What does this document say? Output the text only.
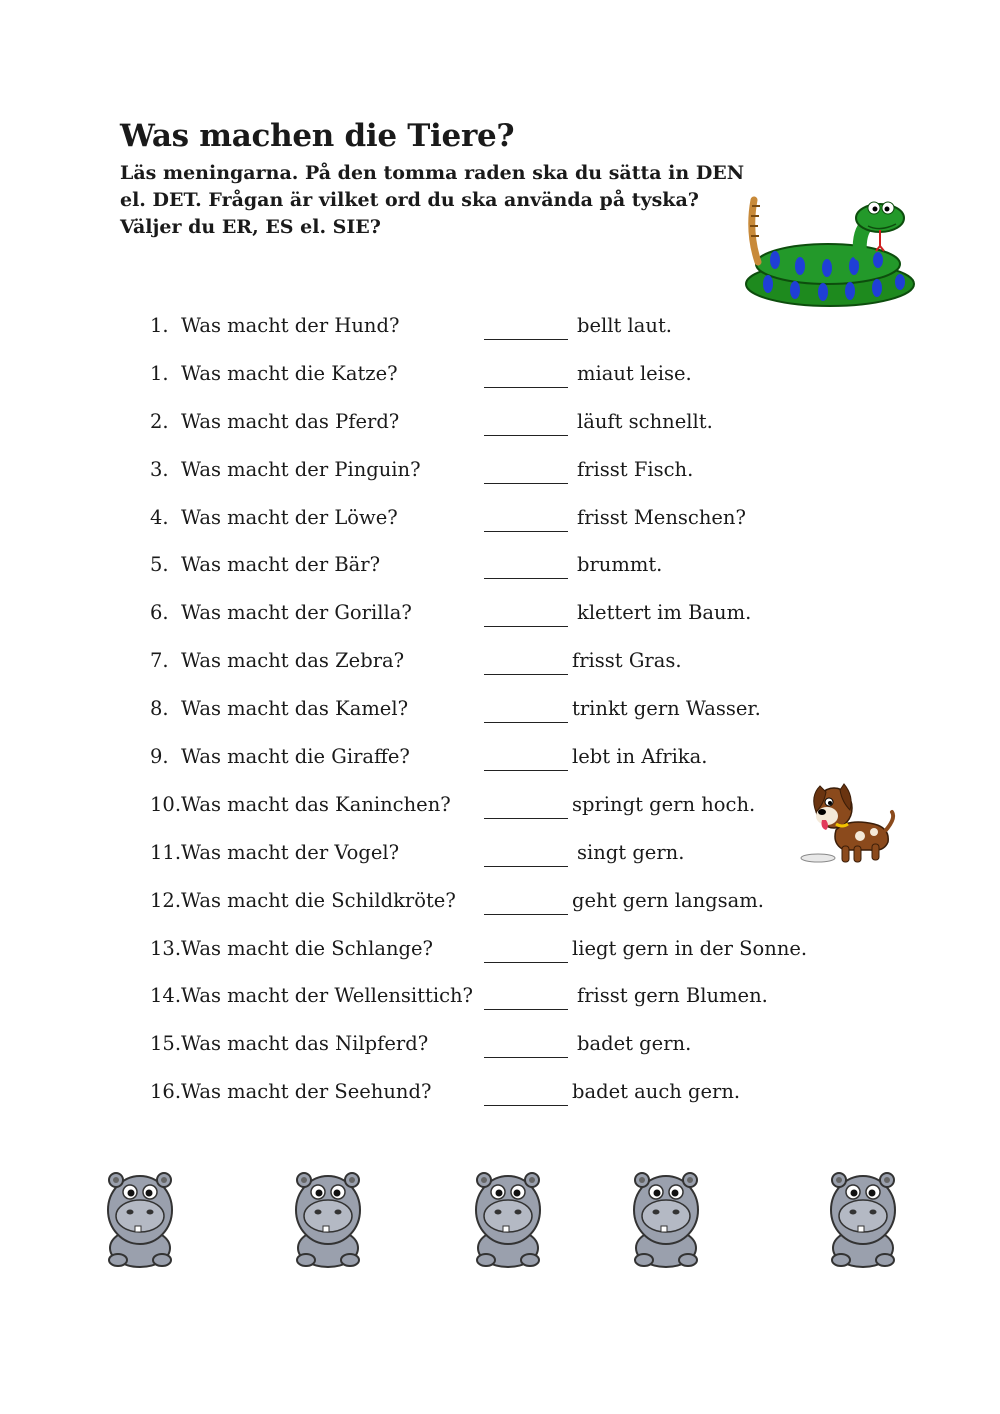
Was machen die Tiere?

Läs meningarna. På den tomma raden ska du sätta in DEN
el. DET. Frågan är vilket ord du ska använda på tyska?
Väljer du ER, ES el. SIE?

1. Was macht der Hund?	bellt laut.
1. Was macht die Katze?	miaut leise.
2. Was macht das Pferd?	läuft schnellt.
3. Was macht der Pinguin?	frisst Fisch.
4. Was macht der Löwe?	frisst Menschen?
5. Was macht der Bär?	brummt.
6. Was macht der Gorilla?	klettert im Baum.
7. Was macht das Zebra?	frisst Gras.
8. Was macht das Kamel?	trinkt gern Wasser.
9. Was macht die Giraffe?	lebt in Afrika.
10. Was macht das Kaninchen?	springt gern hoch.
11. Was macht der Vogel?	singt gern.
12. Was macht die Schildkröte?	geht gern langsam.
13. Was macht die Schlange?	liegt gern in der Sonne.
14. Was macht der Wellensittich?	frisst gern Blumen.
15. Was macht das Nilpferd?	badet gern.
16. Was macht der Seehund?	badet auch gern.
